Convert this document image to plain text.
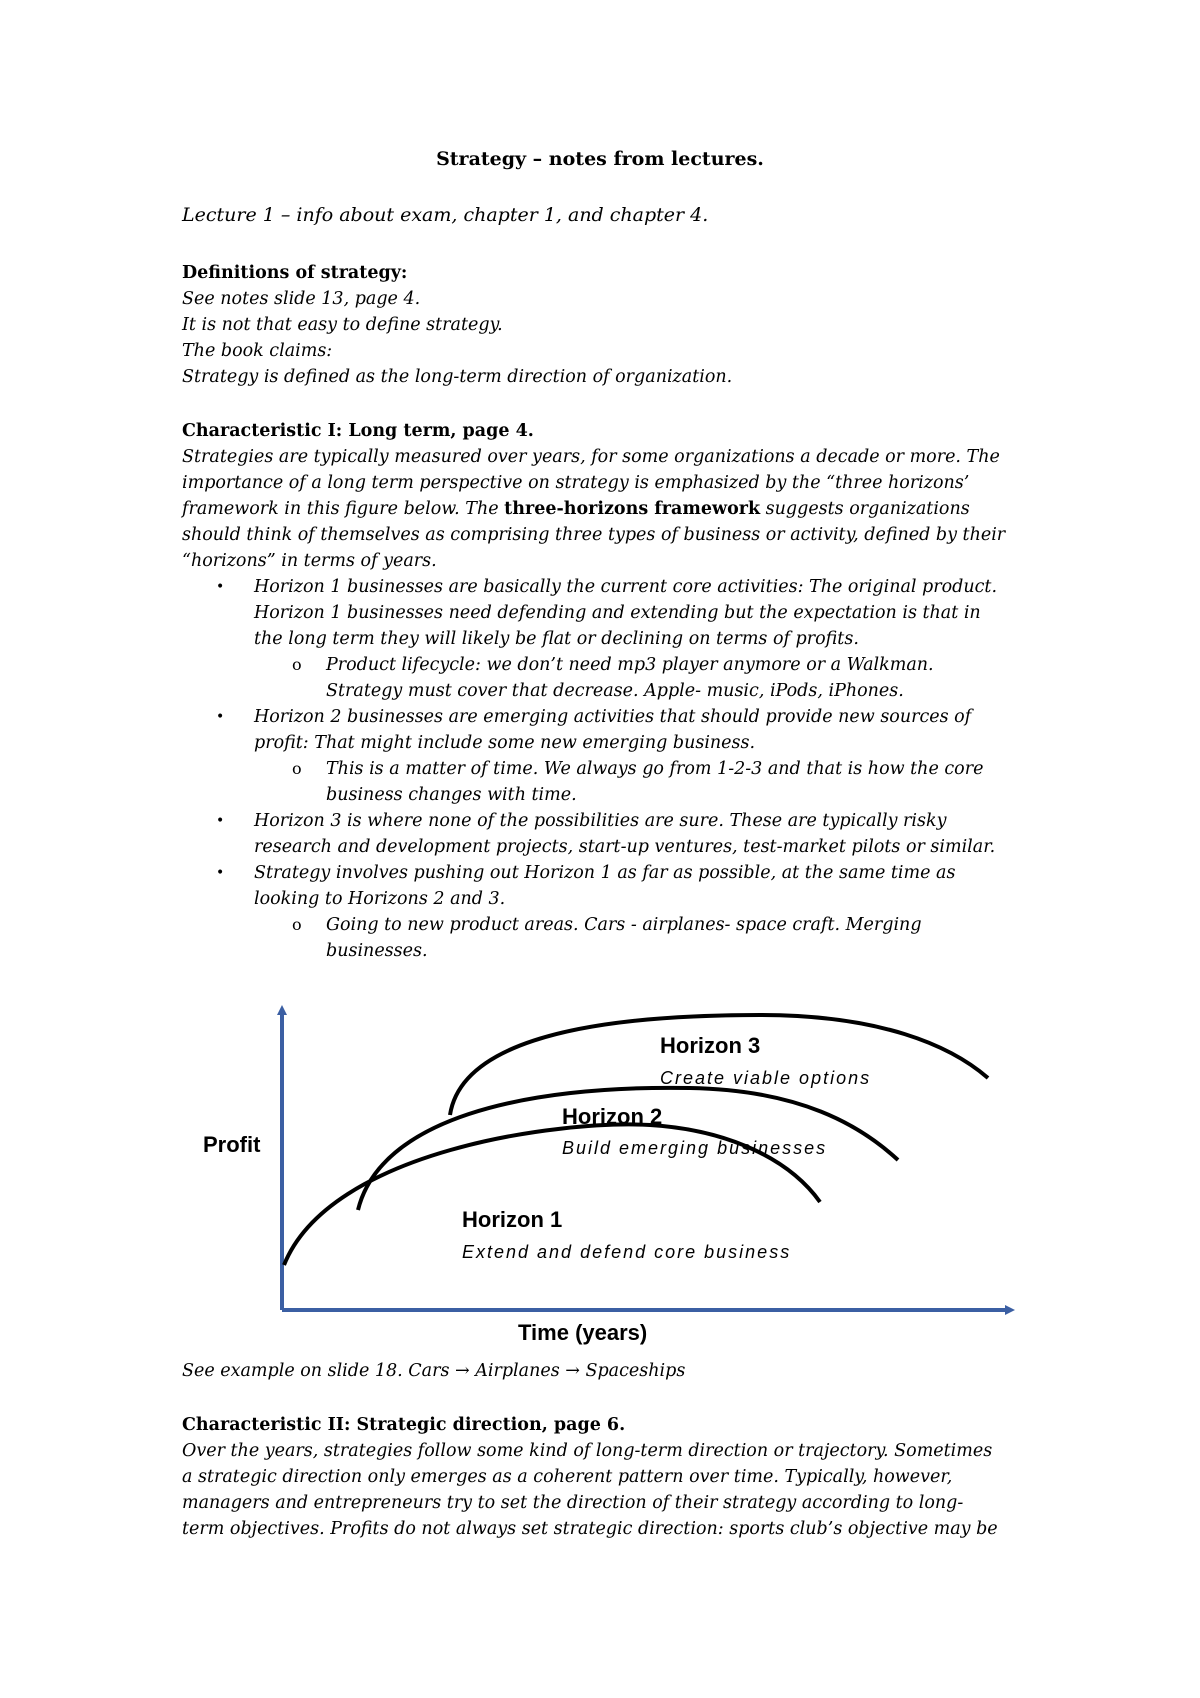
Strategy – notes from lectures.
Lecture 1 – info about exam, chapter 1, and chapter 4.
Definitions of strategy:
See notes slide 13, page 4.
It is not that easy to define strategy.
The book claims:
Strategy is defined as the long-term direction of organization.
Characteristic I: Long term, page 4.
Strategies are typically measured over years, for some organizations a decade or more. The
importance of a long term perspective on strategy is emphasized by the “three horizons’
framework in this figure below. The three-horizons framework suggests organizations
should think of themselves as comprising three types of business or activity, defined by their
“horizons” in terms of years.
• Horizon 1 businesses are basically the current core activities: The original product.
Horizon 1 businesses need defending and extending but the expectation is that in
the long term they will likely be flat or declining on terms of profits.
o Product lifecycle: we don’t need mp3 player anymore or a Walkman.
Strategy must cover that decrease. Apple- music, iPods, iPhones.
• Horizon 2 businesses are emerging activities that should provide new sources of
profit: That might include some new emerging business.
o This is a matter of time. We always go from 1-2-3 and that is how the core
business changes with time.
• Horizon 3 is where none of the possibilities are sure. These are typically risky
research and development projects, start-up ventures, test-market pilots or similar.
• Strategy involves pushing out Horizon 1 as far as possible, at the same time as
looking to Horizons 2 and 3.
o Going to new product areas. Cars - airplanes- space craft. Merging
businesses.
Horizon 3
Create viable options
Horizon 2
Build emerging businesses
Horizon 1
Extend and defend core business
Profit
Time (years)
See example on slide 18. Cars → Airplanes → Spaceships
Characteristic II: Strategic direction, page 6.
Over the years, strategies follow some kind of long-term direction or trajectory. Sometimes
a strategic direction only emerges as a coherent pattern over time. Typically, however,
managers and entrepreneurs try to set the direction of their strategy according to long-
term objectives. Profits do not always set strategic direction: sports club’s objective may be
